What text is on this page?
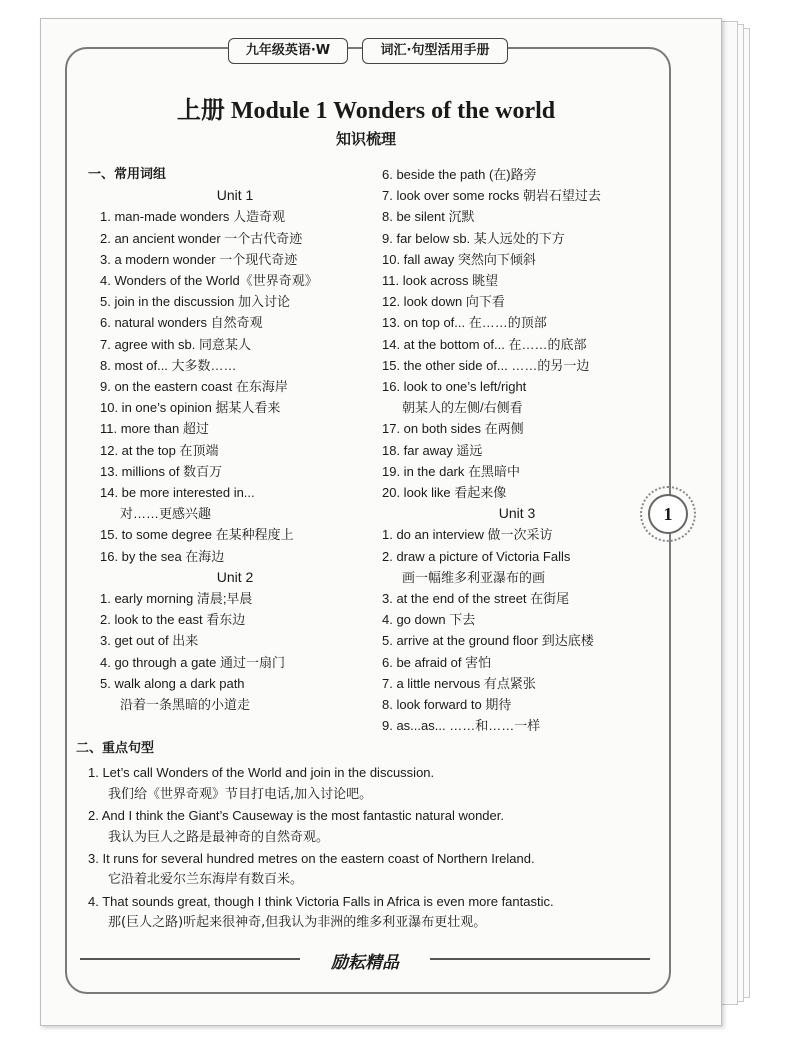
九年级英语·W	词汇·句型活用手册
上册 Module 1 Wonders of the world
知识梳理
一、常用词组
Unit 1
1. man-made wonders 人造奇观
2. an ancient wonder 一个古代奇迹
3. a modern wonder 一个现代奇迹
4. Wonders of the World《世界奇观》
5. join in the discussion 加入讨论
6. natural wonders 自然奇观
7. agree with sb. 同意某人
8. most of... 大多数……
9. on the eastern coast 在东海岸
10. in one’s opinion 据某人看来
11. more than 超过
12. at the top 在顶端
13. millions of 数百万
14. be more interested in...
对……更感兴趣
15. to some degree 在某种程度上
16. by the sea 在海边
Unit 2
1. early morning 清晨;早晨
2. look to the east 看东边
3. get out of 出来
4. go through a gate 通过一扇门
5. walk along a dark path
沿着一条黑暗的小道走
6. beside the path (在)路旁
7. look over some rocks 朝岩石望过去
8. be silent 沉默
9. far below sb. 某人远处的下方
10. fall away 突然向下倾斜
11. look across 眺望
12. look down 向下看
13. on top of... 在……的顶部
14. at the bottom of... 在……的底部
15. the other side of... ……的另一边
16. look to one’s left/right
朝某人的左侧/右侧看
17. on both sides 在两侧
18. far away 遥远
19. in the dark 在黑暗中
20. look like 看起来像
Unit 3
1. do an interview 做一次采访
2. draw a picture of Victoria Falls
画一幅维多利亚瀑布的画
3. at the end of the street 在街尾
4. go down 下去
5. arrive at the ground floor 到达底楼
6. be afraid of 害怕
7. a little nervous 有点紧张
8. look forward to 期待
9. as...as... ……和……一样
1
二、重点句型
1. Let’s call Wonders of the World and join in the discussion.
我们给《世界奇观》节目打电话,加入讨论吧。
2. And I think the Giant’s Causeway is the most fantastic natural wonder.
我认为巨人之路是最神奇的自然奇观。
3. It runs for several hundred metres on the eastern coast of Northern Ireland.
它沿着北爱尔兰东海岸有数百米。
4. That sounds great, though I think Victoria Falls in Africa is even more fantastic.
那(巨人之路)听起来很神奇,但我认为非洲的维多利亚瀑布更壮观。
励耘精品
